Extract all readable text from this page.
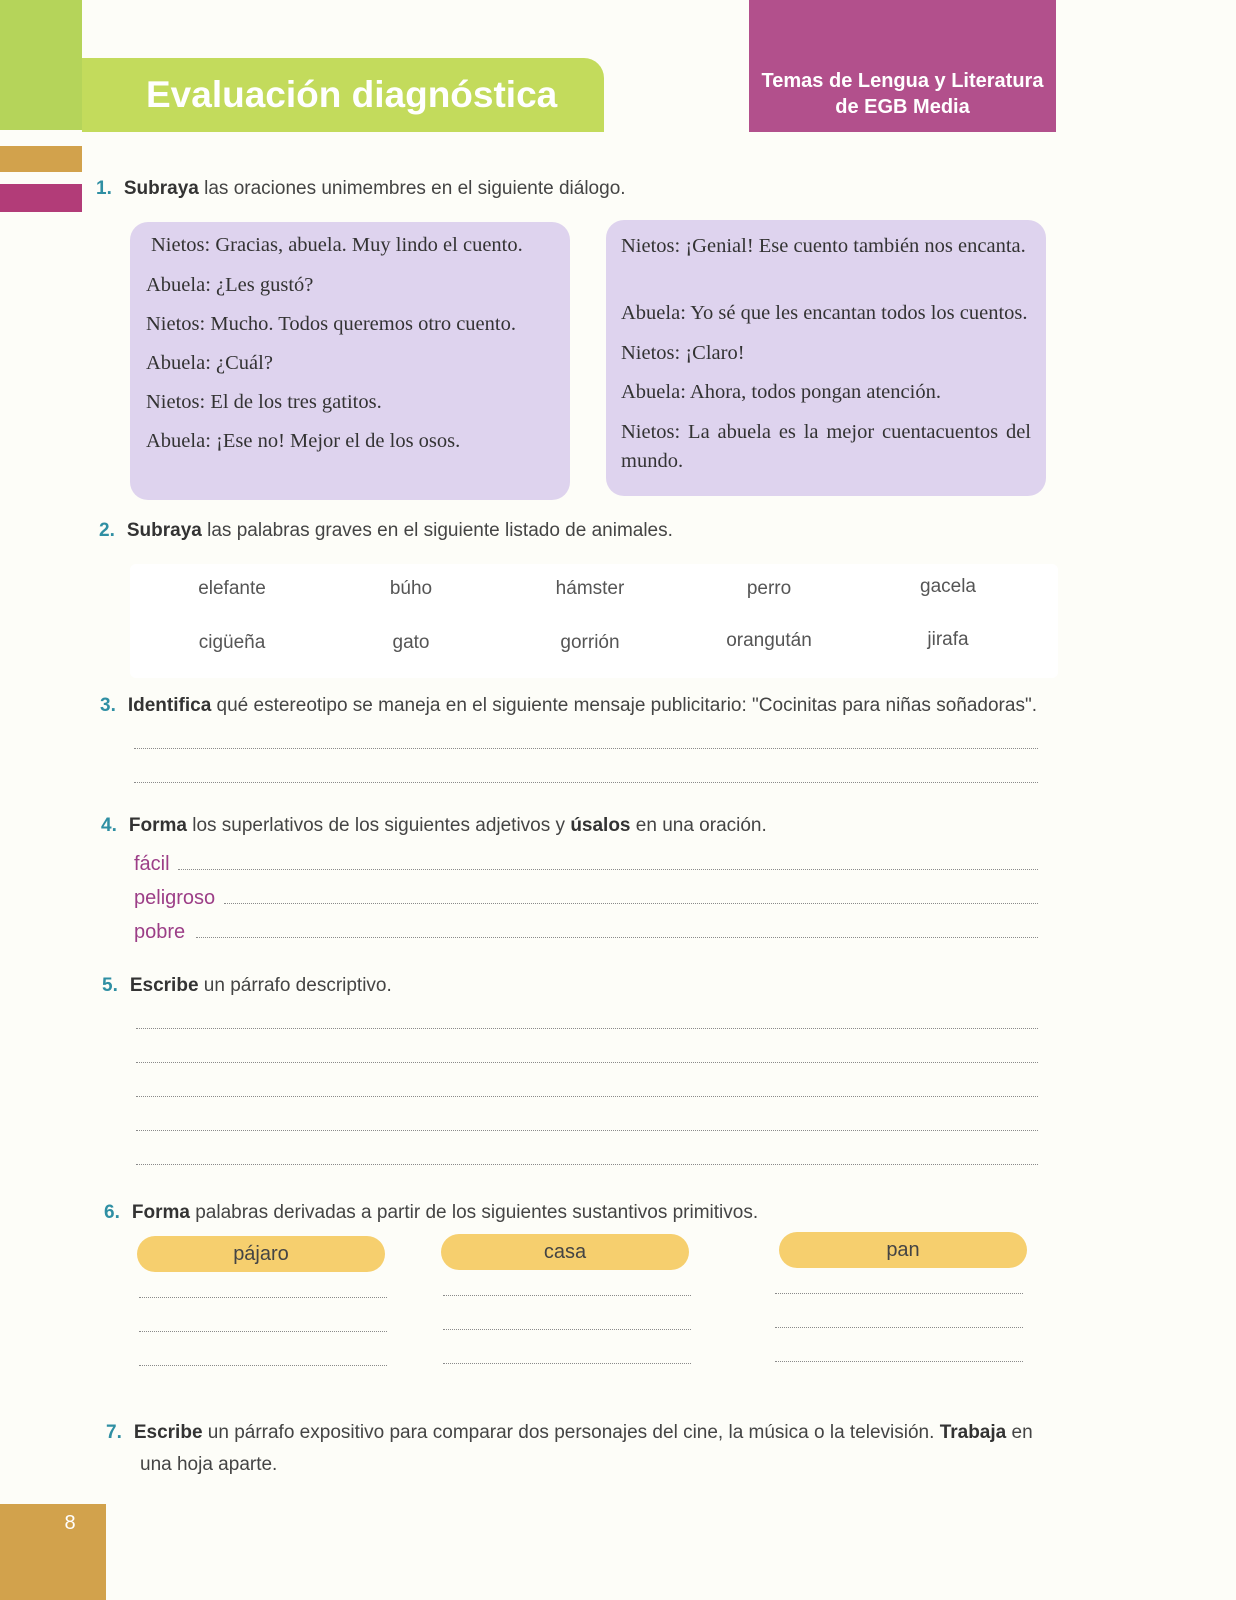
Evaluación diagnóstica	Temas de Lengua y Literatura
de EGB Media
1. Subraya las oraciones unimembres en el siguiente diálogo.
Nietos: Gracias, abuela. Muy lindo el cuento.
Abuela: ¿Les gustó?
Nietos: Mucho. Todos queremos otro cuento.
Abuela: ¿Cuál?
Nietos: El de los tres gatitos.
Abuela: ¡Ese no! Mejor el de los osos.
Nietos: ¡Genial! Ese cuento también nos encanta.
Abuela: Yo sé que les encantan todos los cuentos.
Nietos: ¡Claro!
Abuela: Ahora, todos pongan atención.
Nietos: La abuela es la mejor cuentacuentos del mundo.
2. Subraya las palabras graves en el siguiente listado de animales.
elefante	búho	hámster	perro	gacela
cigüeña	gato	gorrión	orangután	jirafa
3. Identifica qué estereotipo se maneja en el siguiente mensaje publicitario: "Cocinitas para niñas soñadoras".
4. Forma los superlativos de los siguientes adjetivos y úsalos en una oración.
fácil
peligroso
pobre
5. Escribe un párrafo descriptivo.
6. Forma palabras derivadas a partir de los siguientes sustantivos primitivos.
pájaro	casa	pan
7. Escribe un párrafo expositivo para comparar dos personajes del cine, la música o la televisión. Trabaja en
una hoja aparte.
8
